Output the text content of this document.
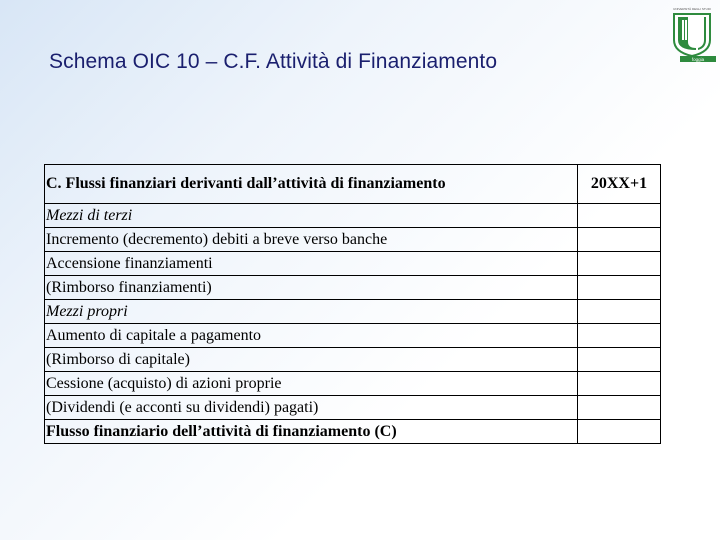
Schema OIC 10 – C.F. Attività di Finanziamento
UNIVERSITÀ DEGLI STUDI
foggia
C. Flussi finanziari derivanti dall’attività di finanziamento	20XX+1
Mezzi di terzi	
Incremento (decremento) debiti a breve verso banche	
Accensione finanziamenti	
(Rimborso finanziamenti)	
Mezzi propri	
Aumento di capitale a pagamento	
(Rimborso di capitale)	
Cessione (acquisto) di azioni proprie	
(Dividendi (e acconti su dividendi) pagati)	
Flusso finanziario dell’attività di finanziamento (C)	
